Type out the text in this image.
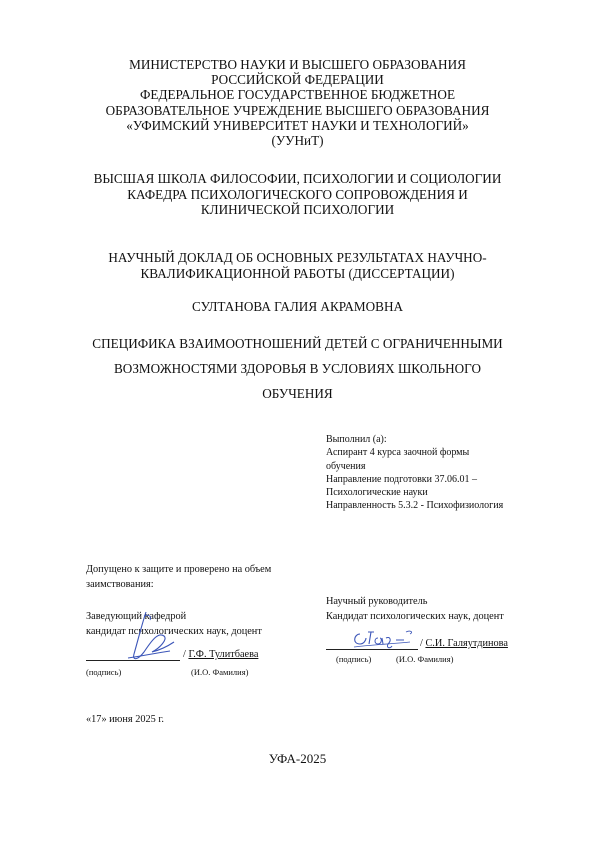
МИНИСТЕРСТВО НАУКИ И ВЫСШЕГО ОБРАЗОВАНИЯ
РОССИЙСКОЙ ФЕДЕРАЦИИ
ФЕДЕРАЛЬНОЕ ГОСУДАРСТВЕННОЕ БЮДЖЕТНОЕ
ОБРАЗОВАТЕЛЬНОЕ УЧРЕЖДЕНИЕ ВЫСШЕГО ОБРАЗОВАНИЯ
«УФИМСКИЙ УНИВЕРСИТЕТ НАУКИ И ТЕХНОЛОГИЙ»
(УУНиТ)
ВЫСШАЯ ШКОЛА ФИЛОСОФИИ, ПСИХОЛОГИИ И СОЦИОЛОГИИ
КАФЕДРА ПСИХОЛОГИЧЕСКОГО СОПРОВОЖДЕНИЯ И
КЛИНИЧЕСКОЙ ПСИХОЛОГИИ
НАУЧНЫЙ ДОКЛАД ОБ ОСНОВНЫХ РЕЗУЛЬТАТАХ НАУЧНО-
КВАЛИФИКАЦИОННОЙ РАБОТЫ (ДИССЕРТАЦИИ)
СУЛТАНОВА ГАЛИЯ АКРАМОВНА
СПЕЦИФИКА ВЗАИМООТНОШЕНИЙ ДЕТЕЙ С ОГРАНИЧЕННЫМИ
ВОЗМОЖНОСТЯМИ ЗДОРОВЬЯ В УСЛОВИЯХ ШКОЛЬНОГО
ОБУЧЕНИЯ
Выполнил (а):
Аспирант 4 курса заочной формы
обучения
Направление подготовки 37.06.01 –
Психологические науки
Направленность 5.3.2 - Психофизиология
Допущено к защите и проверено на объем
заимствования:
Заведующий кафедрой
кандидат психологических наук, доцент
/ Г.Ф. Тулитбаева
(подпись)	(И.О. Фамилия)
Научный руководитель
Кандидат психологических наук, доцент
/ С.И. Галяутдинова
(подпись)	(И.О. Фамилия)
«17» июня 2025 г.
УФА-2025
